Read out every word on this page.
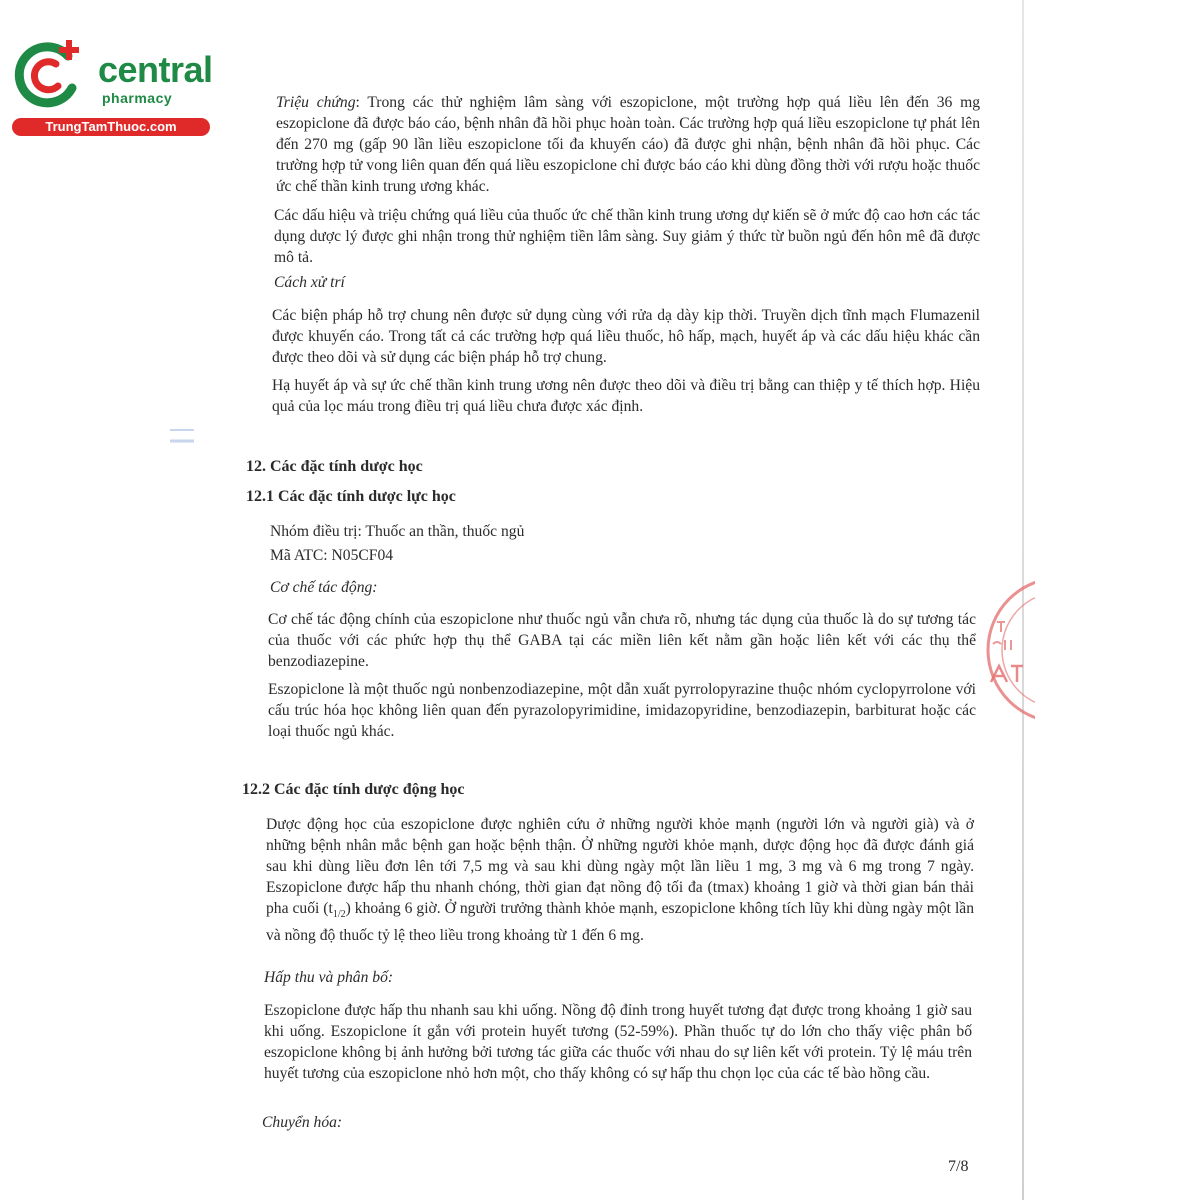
central
pharmacy
TrungTamThuoc.com

Triệu chứng: Trong các thử nghiệm lâm sàng với eszopiclone, một trường hợp quá liều lên đến 36 mg eszopiclone đã được báo cáo, bệnh nhân đã hồi phục hoàn toàn. Các trường hợp quá liều eszopiclone tự phát lên đến 270 mg (gấp 90 lần liều eszopiclone tối đa khuyến cáo) đã được ghi nhận, bệnh nhân đã hồi phục. Các trường hợp tử vong liên quan đến quá liều eszopiclone chỉ được báo cáo khi dùng đồng thời với rượu hoặc thuốc ức chế thần kinh trung ương khác.

Các dấu hiệu và triệu chứng quá liều của thuốc ức chế thần kinh trung ương dự kiến sẽ ở mức độ cao hơn các tác dụng dược lý được ghi nhận trong thử nghiệm tiền lâm sàng. Suy giảm ý thức từ buồn ngủ đến hôn mê đã được mô tả.

Cách xử trí

Các biện pháp hỗ trợ chung nên được sử dụng cùng với rửa dạ dày kịp thời. Truyền dịch tĩnh mạch Flumazenil được khuyến cáo. Trong tất cả các trường hợp quá liều thuốc, hô hấp, mạch, huyết áp và các dấu hiệu khác cần được theo dõi và sử dụng các biện pháp hỗ trợ chung.

Hạ huyết áp và sự ức chế thần kinh trung ương nên được theo dõi và điều trị bằng can thiệp y tế thích hợp. Hiệu quả của lọc máu trong điều trị quá liều chưa được xác định.

12. Các đặc tính dược học
12.1 Các đặc tính dược lực học

Nhóm điều trị: Thuốc an thần, thuốc ngủ

Mã ATC: N05CF04

Cơ chế tác động:

Cơ chế tác động chính của eszopiclone như thuốc ngủ vẫn chưa rõ, nhưng tác dụng của thuốc là do sự tương tác của thuốc với các phức hợp thụ thể GABA tại các miền liên kết nằm gần hoặc liên kết với các thụ thể benzodiazepine.

Eszopiclone là một thuốc ngủ nonbenzodiazepine, một dẫn xuất pyrrolopyrazine thuộc nhóm cyclopyrrolone với cấu trúc hóa học không liên quan đến pyrazolopyrimidine, imidazopyridine, benzodiazepin, barbiturat hoặc các loại thuốc ngủ khác.

12.2 Các đặc tính dược động học

Dược động học của eszopiclone được nghiên cứu ở những người khỏe mạnh (người lớn và người già) và ở những bệnh nhân mắc bệnh gan hoặc bệnh thận. Ở những người khỏe mạnh, dược động học đã được đánh giá sau khi dùng liều đơn lên tới 7,5 mg và sau khi dùng ngày một lần liều 1 mg, 3 mg và 6 mg trong 7 ngày. Eszopiclone được hấp thu nhanh chóng, thời gian đạt nồng độ tối đa (tmax) khoảng 1 giờ và thời gian bán thải pha cuối $(t_{1/2})$ khoảng 6 giờ. Ở người trưởng thành khỏe mạnh, eszopiclone không tích lũy khi dùng ngày một lần và nồng độ thuốc tỷ lệ theo liều trong khoảng từ 1 đến 6 mg.

Hấp thu và phân bố:

Eszopiclone được hấp thu nhanh sau khi uống. Nồng độ đỉnh trong huyết tương đạt được trong khoảng 1 giờ sau khi uống. Eszopiclone ít gắn với protein huyết tương (52-59%). Phần thuốc tự do lớn cho thấy việc phân bố eszopiclone không bị ảnh hưởng bởi tương tác giữa các thuốc với nhau do sự liên kết với protein. Tỷ lệ máu trên huyết tương của eszopiclone nhỏ hơn một, cho thấy không có sự hấp thu chọn lọc của các tế bào hồng cầu.

Chuyển hóa:

7/8
